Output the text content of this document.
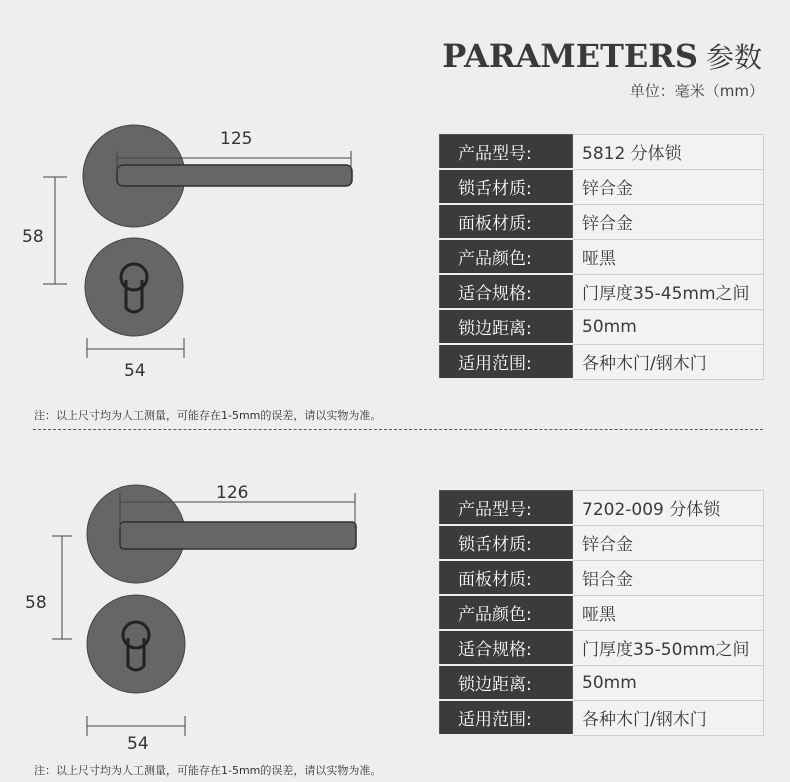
PARAMETERS 参数
单位：毫米（mm）
125
58
54
产品型号:	5812 分体锁
锁舌材质:	锌合金
面板材质:	锌合金
产品颜色:	哑黑
适合规格:	门厚度35-45mm之间
锁边距离:	50mm
适用范围:	各种木门/钢木门
注：以上尺寸均为人工测量，可能存在1-5mm的误差，请以实物为准。
126
58
54
产品型号:	7202-009 分体锁
锁舌材质:	锌合金
面板材质:	铝合金
产品颜色:	哑黑
适合规格:	门厚度35-50mm之间
锁边距离:	50mm
适用范围:	各种木门/钢木门
注：以上尺寸均为人工测量，可能存在1-5mm的误差，请以实物为准。
